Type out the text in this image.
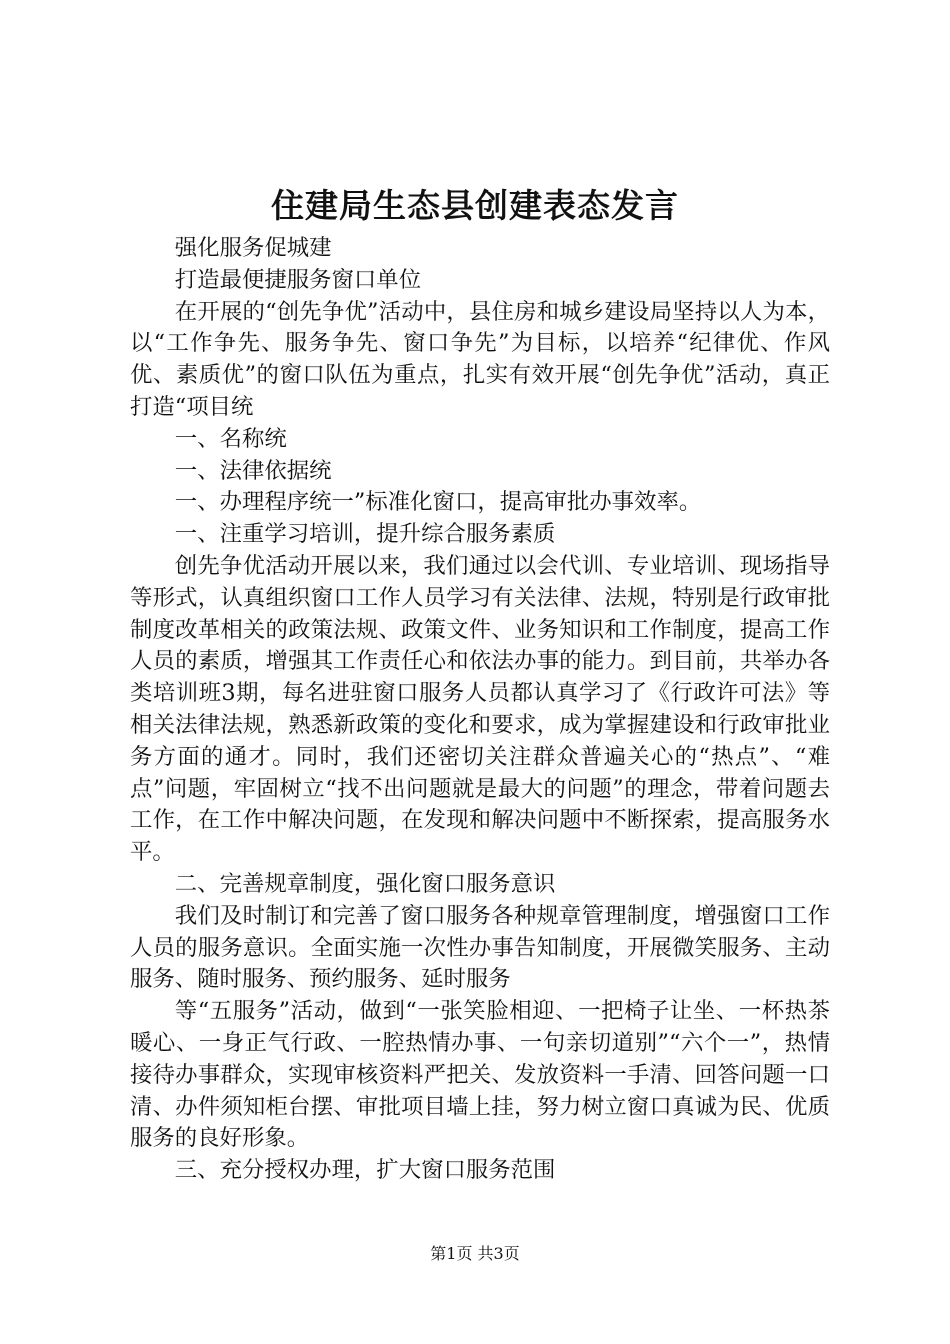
住建局生态县创建表态发言

强化服务促城建

打造最便捷服务窗口单位

在开展的“创先争优”活动中，县住房和城乡建设局坚持以人为本，以“工作争先、服务争先、窗口争先”为目标，以培养“纪律优、作风优、素质优”的窗口队伍为重点，扎实有效开展“创先争优”活动，真正打造“项目统

一、名称统

一、法律依据统

一、办理程序统一”标准化窗口，提高审批办事效率。

一、注重学习培训，提升综合服务素质

创先争优活动开展以来，我们通过以会代训、专业培训、现场指导等形式，认真组织窗口工作人员学习有关法律、法规，特别是行政审批制度改革相关的政策法规、政策文件、业务知识和工作制度，提高工作人员的素质，增强其工作责任心和依法办事的能力。到目前，共举办各类培训班3期，每名进驻窗口服务人员都认真学习了《行政许可法》等相关法律法规，熟悉新政策的变化和要求，成为掌握建设和行政审批业务方面的通才。同时，我们还密切关注群众普遍关心的“热点”、“难点”问题，牢固树立“找不出问题就是最大的问题”的理念，带着问题去工作，在工作中解决问题，在发现和解决问题中不断探索，提高服务水平。

二、完善规章制度，强化窗口服务意识

我们及时制订和完善了窗口服务各种规章管理制度，增强窗口工作人员的服务意识。全面实施一次性办事告知制度，开展微笑服务、主动服务、随时服务、预约服务、延时服务

等“五服务”活动，做到“一张笑脸相迎、一把椅子让坐、一杯热茶暖心、一身正气行政、一腔热情办事、一句亲切道别”“六个一”，热情接待办事群众，实现审核资料严把关、发放资料一手清、回答问题一口清、办件须知柜台摆、审批项目墙上挂，努力树立窗口真诚为民、优质服务的良好形象。

三、充分授权办理，扩大窗口服务范围

第1页 共3页
